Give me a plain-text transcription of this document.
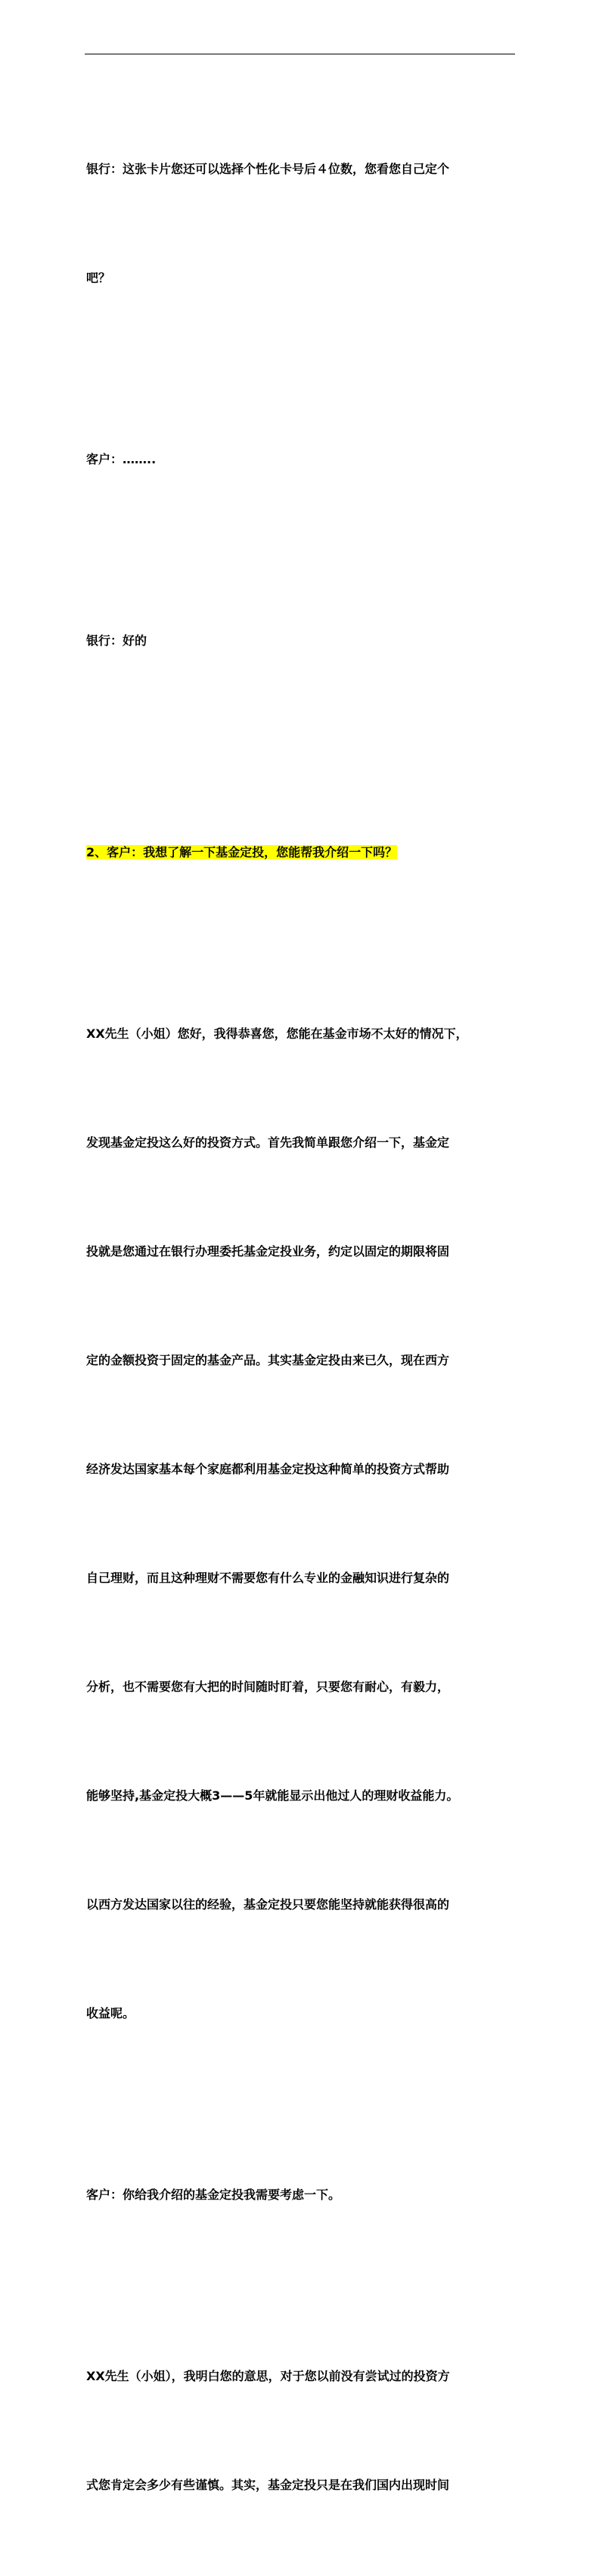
银行：这张卡片您还可以选择个性化卡号后４位数，您看您自己定个

吧？

客户：……..

银行：好的

2、客户：我想了解一下基金定投，您能帮我介绍一下吗？

XX先生（小姐）您好，我得恭喜您，您能在基金市场不太好的情况下，

发现基金定投这么好的投资方式。首先我简单跟您介绍一下，基金定

投就是您通过在银行办理委托基金定投业务，约定以固定的期限将固

定的金额投资于固定的基金产品。其实基金定投由来已久，现在西方

经济发达国家基本每个家庭都利用基金定投这种简单的投资方式帮助

自己理财，而且这种理财不需要您有什么专业的金融知识进行复杂的

分析，也不需要您有大把的时间随时盯着，只要您有耐心，有毅力，

能够坚持,基金定投大概3——5年就能显示出他过人的理财收益能力。

以西方发达国家以往的经验，基金定投只要您能坚持就能获得很高的

收益呢。

客户：你给我介绍的基金定投我需要考虑一下。

XX先生（小姐），我明白您的意思，对于您以前没有尝试过的投资方

式您肯定会多少有些谨慎。其实，基金定投只是在我们国内出现时间
